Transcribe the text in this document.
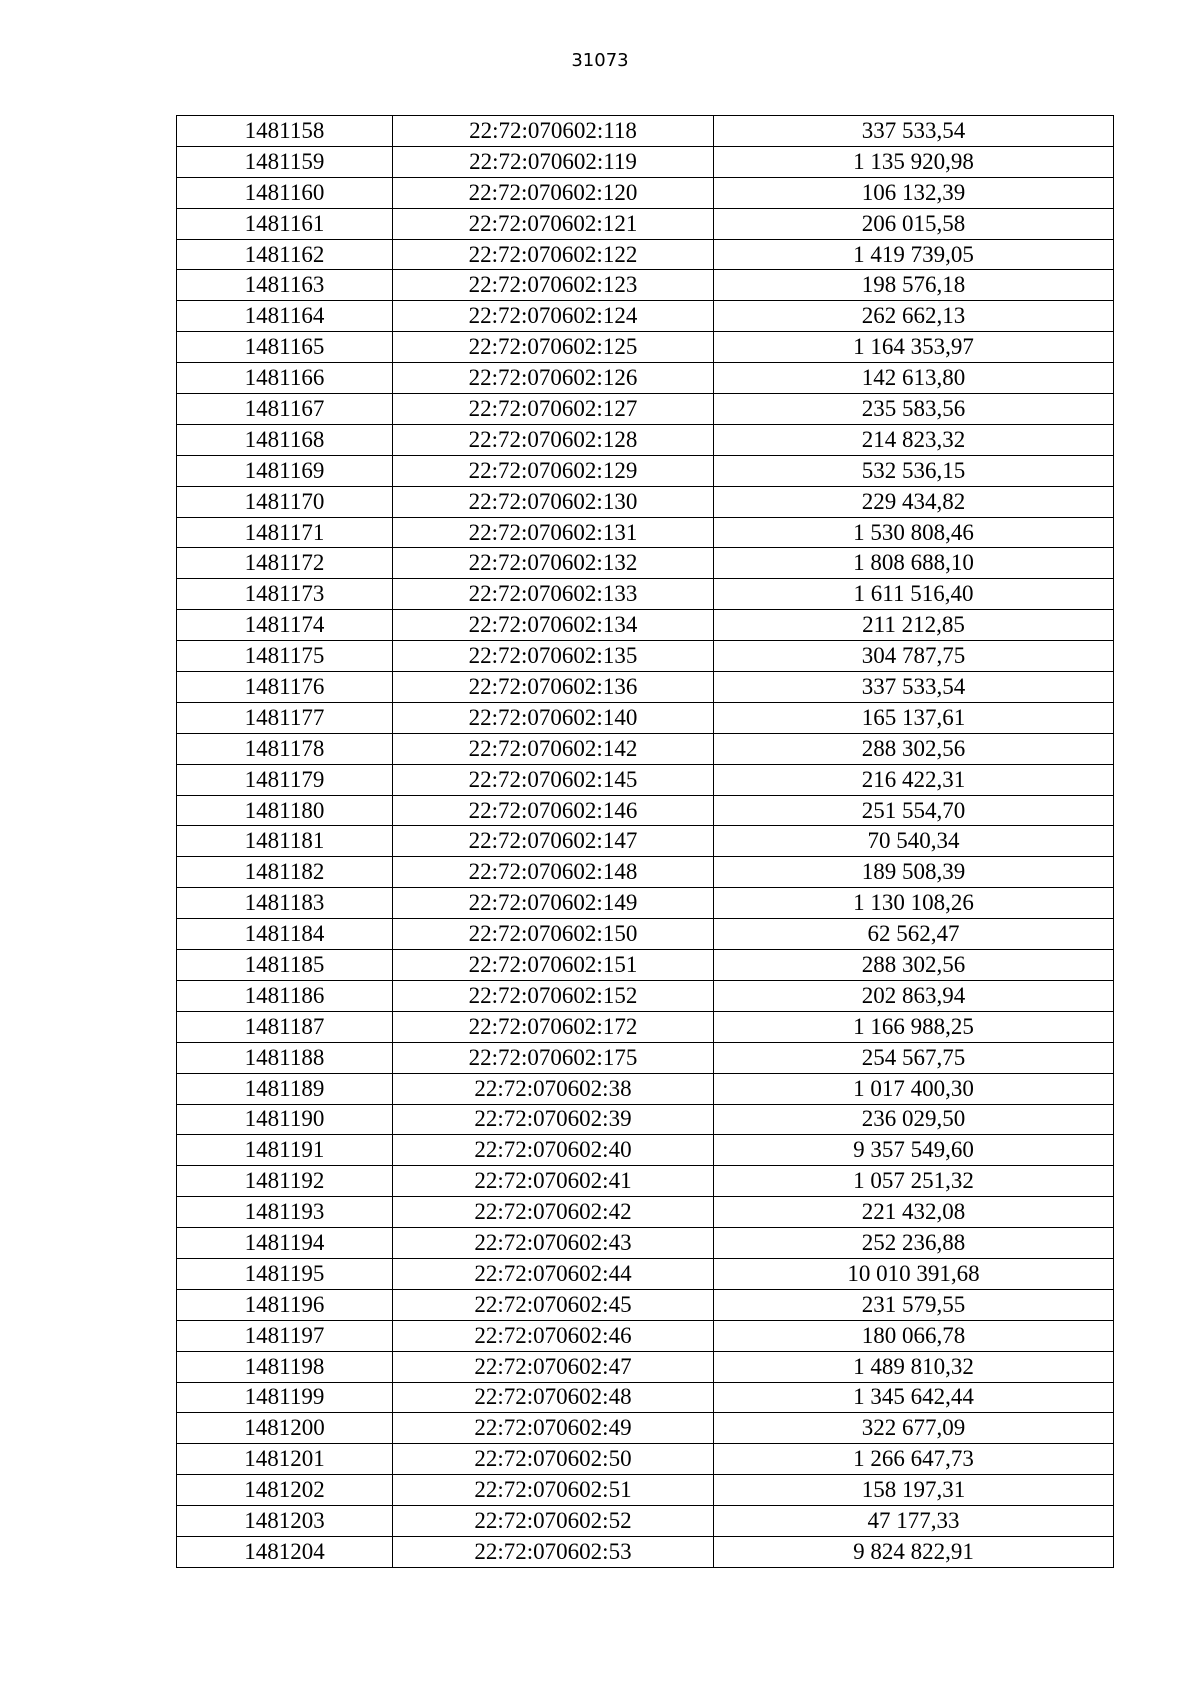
31073
1481158	22:72:070602:118	337 533,54
1481159	22:72:070602:119	1 135 920,98
1481160	22:72:070602:120	106 132,39
1481161	22:72:070602:121	206 015,58
1481162	22:72:070602:122	1 419 739,05
1481163	22:72:070602:123	198 576,18
1481164	22:72:070602:124	262 662,13
1481165	22:72:070602:125	1 164 353,97
1481166	22:72:070602:126	142 613,80
1481167	22:72:070602:127	235 583,56
1481168	22:72:070602:128	214 823,32
1481169	22:72:070602:129	532 536,15
1481170	22:72:070602:130	229 434,82
1481171	22:72:070602:131	1 530 808,46
1481172	22:72:070602:132	1 808 688,10
1481173	22:72:070602:133	1 611 516,40
1481174	22:72:070602:134	211 212,85
1481175	22:72:070602:135	304 787,75
1481176	22:72:070602:136	337 533,54
1481177	22:72:070602:140	165 137,61
1481178	22:72:070602:142	288 302,56
1481179	22:72:070602:145	216 422,31
1481180	22:72:070602:146	251 554,70
1481181	22:72:070602:147	70 540,34
1481182	22:72:070602:148	189 508,39
1481183	22:72:070602:149	1 130 108,26
1481184	22:72:070602:150	62 562,47
1481185	22:72:070602:151	288 302,56
1481186	22:72:070602:152	202 863,94
1481187	22:72:070602:172	1 166 988,25
1481188	22:72:070602:175	254 567,75
1481189	22:72:070602:38	1 017 400,30
1481190	22:72:070602:39	236 029,50
1481191	22:72:070602:40	9 357 549,60
1481192	22:72:070602:41	1 057 251,32
1481193	22:72:070602:42	221 432,08
1481194	22:72:070602:43	252 236,88
1481195	22:72:070602:44	10 010 391,68
1481196	22:72:070602:45	231 579,55
1481197	22:72:070602:46	180 066,78
1481198	22:72:070602:47	1 489 810,32
1481199	22:72:070602:48	1 345 642,44
1481200	22:72:070602:49	322 677,09
1481201	22:72:070602:50	1 266 647,73
1481202	22:72:070602:51	158 197,31
1481203	22:72:070602:52	47 177,33
1481204	22:72:070602:53	9 824 822,91
